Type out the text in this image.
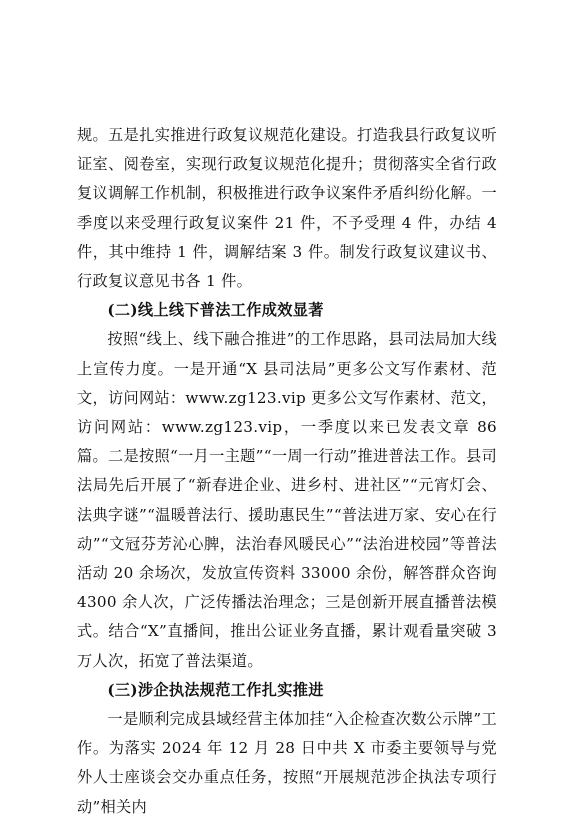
规。五是扎实推进行政复议规范化建设。打造我县行政复议听证室、阅卷室，实现行政复议规范化提升；贯彻落实全省行政复议调解工作机制，积极推进行政争议案件矛盾纠纷化解。一季度以来受理行政复议案件 21 件，不予受理 4 件，办结 4 件，其中维持 1 件，调解结案 3 件。制发行政复议建议书、行政复议意见书各 1 件。

(二)线上线下普法工作成效显著

按照“线上、线下融合推进”的工作思路，县司法局加大线上宣传力度。一是开通“X 县司法局”更多公文写作素材、范文，访问网站：www.zg123.vip 更多公文写作素材、范文，访问网站：www.zg123.vip，一季度以来已发表文章 86 篇。二是按照“一月一主题”“一周一行动”推进普法工作。县司法局先后开展了“新春进企业、进乡村、进社区”“元宵灯会、法典字谜”“温暖普法行、援助惠民生”“普法进万家、安心在行动”“文冠芬芳沁心脾，法治春风暖民心”“法治进校园”等普法活动 20 余场次，发放宣传资料 33000 余份，解答群众咨询 4300 余人次，广泛传播法治理念；三是创新开展直播普法模式。结合“X”直播间，推出公证业务直播，累计观看量突破 3 万人次，拓宽了普法渠道。

(三)涉企执法规范工作扎实推进

一是顺利完成县域经营主体加挂“入企检查次数公示牌”工作。为落实 2024 年 12 月 28 日中共 X 市委主要领导与党外人士座谈会交办重点任务，按照“开展规范涉企执法专项行动”相关内
